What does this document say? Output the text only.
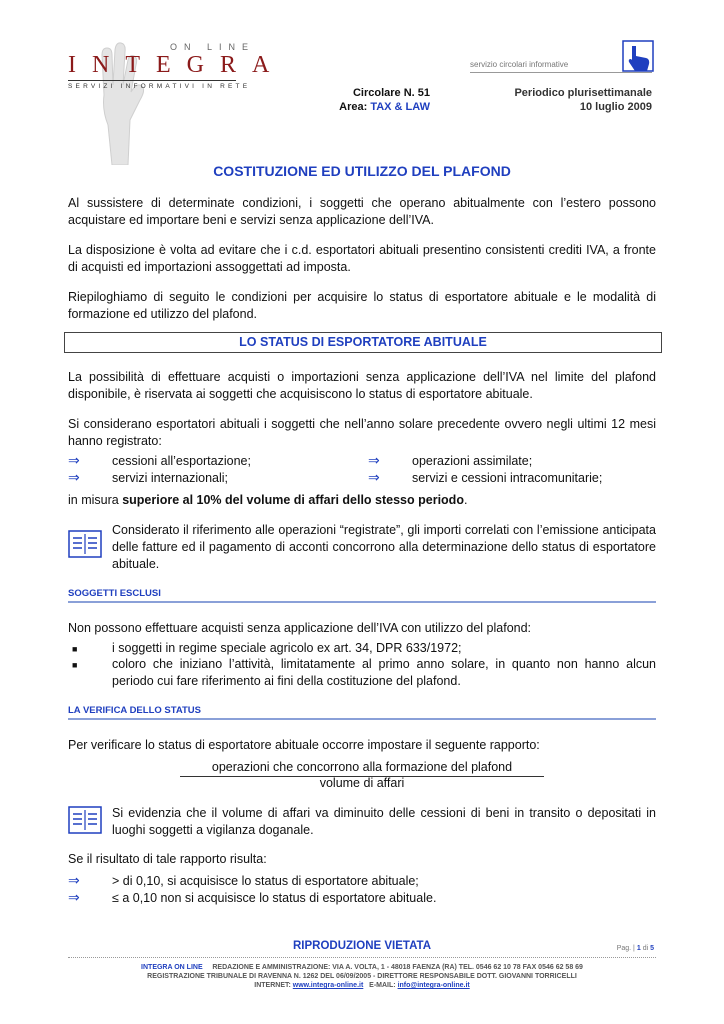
ON LINE
INTEGRA
SERVIZI INFORMATIVI IN RETE
servizio circolari informative
Circolare N. 51
Area: TAX & LAW
Periodico plurisettimanale
10 luglio 2009
COSTITUZIONE ED UTILIZZO DEL PLAFOND
Al sussistere di determinate condizioni, i soggetti che operano abitualmente con l’estero possono acquistare ed importare beni e servizi senza applicazione dell’IVA.
La disposizione è volta ad evitare che i c.d. esportatori abituali presentino consistenti crediti IVA, a fronte di acquisti ed importazioni assoggettati ad imposta.
Riepiloghiamo di seguito le condizioni per acquisire lo status di esportatore abituale e le modalità di formazione ed utilizzo del plafond.
LO STATUS DI ESPORTATORE ABITUALE
La possibilità di effettuare acquisti o importazioni senza applicazione dell’IVA nel limite del plafond disponibile, è riservata ai soggetti che acquisiscono lo status di esportatore abituale.
Si considerano esportatori abituali i soggetti che nell’anno solare precedente ovvero negli ultimi 12 mesi hanno registrato:
⇒	cessioni all’esportazione;	⇒	operazioni assimilate;
⇒	servizi internazionali;	⇒	servizi e cessioni intracomunitarie;
in misura superiore al 10% del volume di affari dello stesso periodo.
Considerato il riferimento alle operazioni “registrate”, gli importi correlati con l’emissione anticipata delle fatture ed il pagamento di acconti concorrono alla determinazione dello status di esportatore abituale.
SOGGETTI ESCLUSI
Non possono effettuare acquisti senza applicazione dell’IVA con utilizzo del plafond:
■	i soggetti in regime speciale agricolo ex art. 34, DPR 633/1972;
■	coloro che iniziano l’attività, limitatamente al primo anno solare, in quanto non hanno alcun periodo cui fare riferimento ai fini della costituzione del plafond.
LA VERIFICA DELLO STATUS
Per verificare lo status di esportatore abituale occorre impostare il seguente rapporto:
operazioni che concorrono alla formazione del plafond
volume di affari
Si evidenzia che il volume di affari va diminuito delle cessioni di beni in transito o depositati in luoghi soggetti a vigilanza doganale.
Se il risultato di tale rapporto risulta:
⇒	> di 0,10, si acquisisce lo status di esportatore abituale;
⇒	≤ a 0,10 non si acquisisce lo status di esportatore abituale.
RIPRODUZIONE VIETATA	Pag. | 1 di 5
INTEGRA ON LINE REDAZIONE E AMMINISTRAZIONE: VIA A. VOLTA, 1 - 48018 FAENZA (RA) TEL. 0546 62 10 78 FAX 0546 62 58 69
REGISTRAZIONE TRIBUNALE DI RAVENNA N. 1262 DEL 06/09/2005 - DIRETTORE RESPONSABILE DOTT. GIOVANNI TORRICELLI
INTERNET: www.integra-online.it E-MAIL: info@integra-online.it
